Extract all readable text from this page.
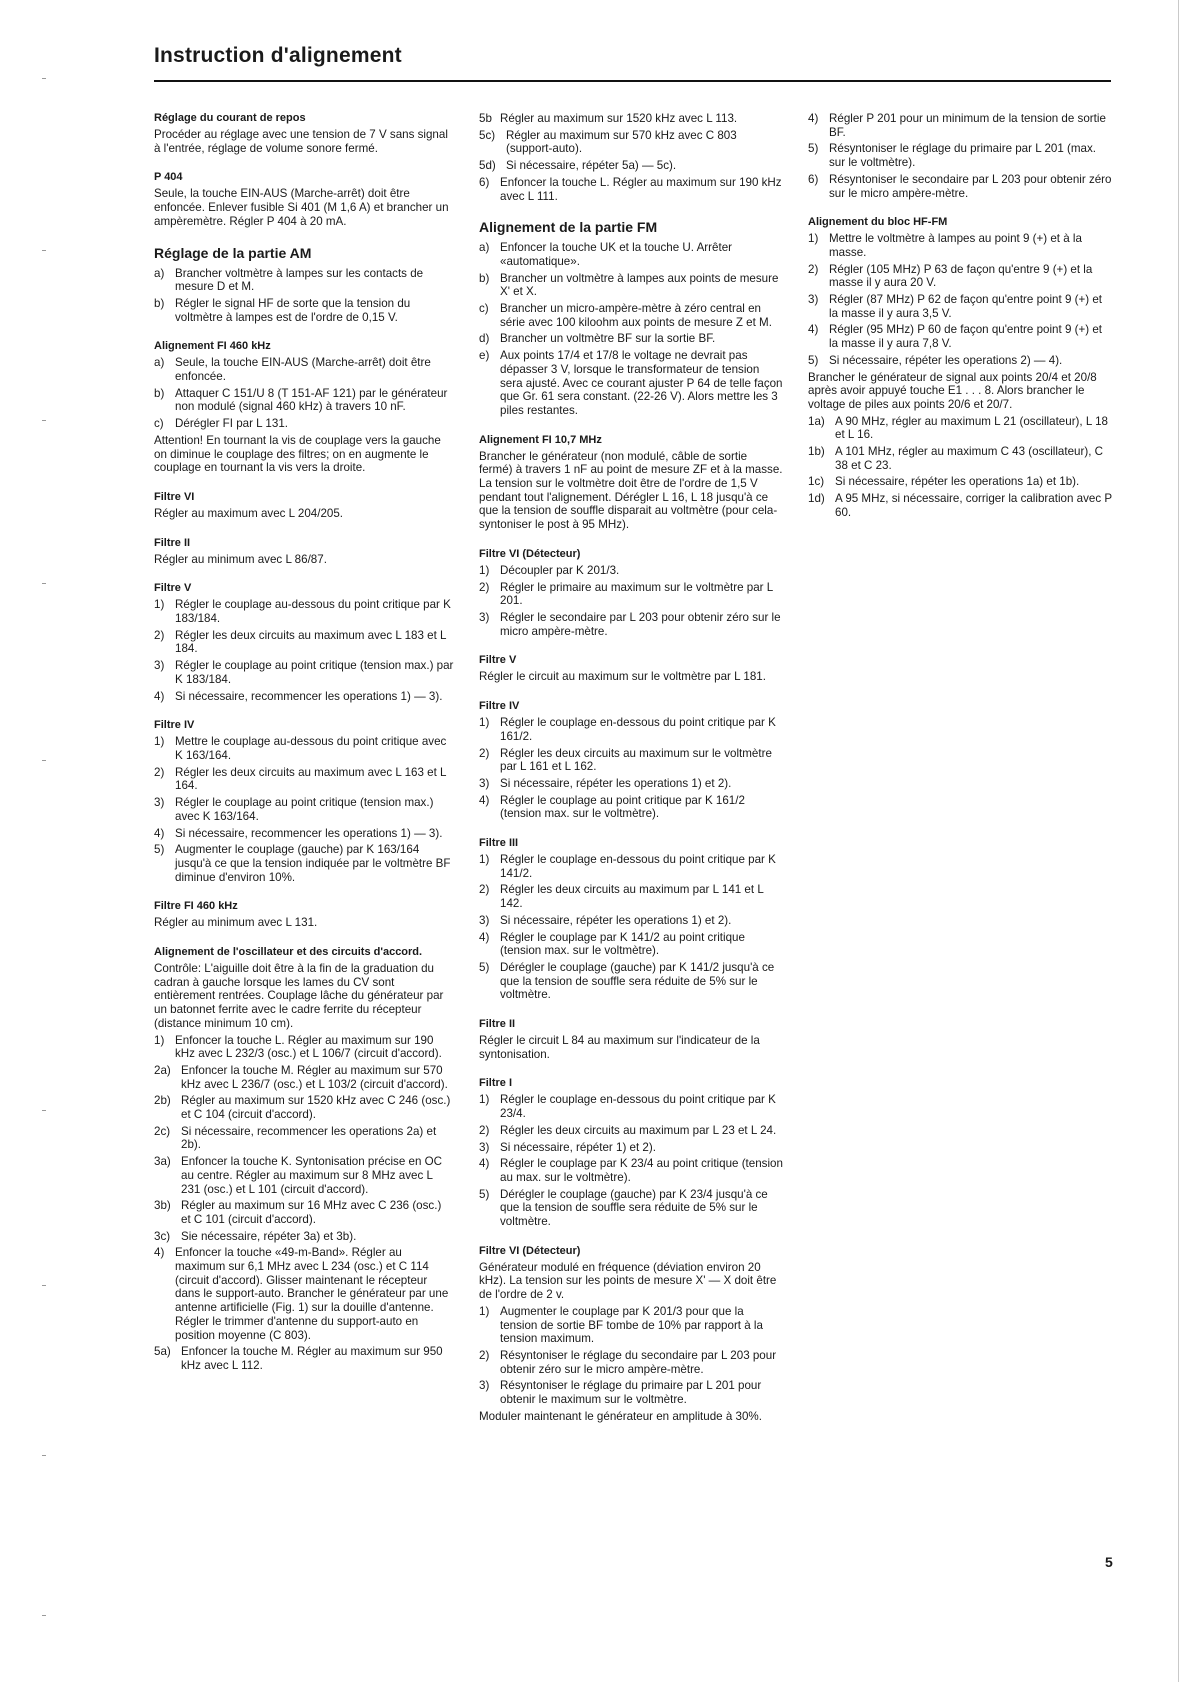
Instruction d'alignement
Réglage du courant de repos

Procéder au réglage avec une tension de 7 V sans signal à l'entrée, réglage de volume sonore fermé.

P 404

Seule, la touche EIN-AUS (Marche-arrêt) doit être enfoncée. Enlever fusible Si 401 (M 1,6 A) et brancher un ampèremètre. Régler P 404 à 20 mA.

Réglage de la partie AM
a) Brancher voltmètre à lampes sur les contacts de mesure D et M.
b) Régler le signal HF de sorte que la tension du voltmètre à lampes est de l'ordre de 0,15 V.
Alignement FI 460 kHz
a) Seule, la touche EIN-AUS (Marche-arrêt) doit être enfoncée.
b) Attaquer C 151/U 8 (T 151-AF 121) par le générateur non modulé (signal 460 kHz) à travers 10 nF.
c) Dérégler FI par L 131.

Attention! En tournant la vis de couplage vers la gauche on diminue le couplage des filtres; on en augmente le couplage en tournant la vis vers la droite.

Filtre VI

Régler au maximum avec L 204/205.

Filtre II

Régler au minimum avec L 86/87.

Filtre V
1) Régler le couplage au-dessous du point critique par K 183/184.
2) Régler les deux circuits au maximum avec L 183 et L 184.
3) Régler le couplage au point critique (tension max.) par K 183/184.
4) Si nécessaire, recommencer les operations 1) — 3).
Filtre IV
1) Mettre le couplage au-dessous du point critique avec K 163/164.
2) Régler les deux circuits au maximum avec L 163 et L 164.
3) Régler le couplage au point critique (tension max.) avec K 163/164.
4) Si nécessaire, recommencer les operations 1) — 3).
5) Augmenter le couplage (gauche) par K 163/164 jusqu'à ce que la tension indiquée par le voltmètre BF diminue d'environ 10%.
Filtre FI 460 kHz

Régler au minimum avec L 131.

Alignement de l'oscillateur et des circuits d'accord.

Contrôle: L'aiguille doit être à la fin de la graduation du cadran à gauche lorsque les lames du CV sont entièrement rentrées. Couplage lâche du générateur par un batonnet ferrite avec le cadre ferrite du récepteur (distance minimum 10 cm).

1) Enfoncer la touche L. Régler au maximum sur 190 kHz avec L 232/3 (osc.) et L 106/7 (circuit d'accord).
2a) Enfoncer la touche M. Régler au maximum sur 570 kHz avec L 236/7 (osc.) et L 103/2 (circuit d'accord).
2b) Régler au maximum sur 1520 kHz avec C 246 (osc.) et C 104 (circuit d'accord).
2c) Si nécessaire, recommencer les operations 2a) et 2b).
3a) Enfoncer la touche K. Syntonisation précise en OC au centre. Régler au maximum sur 8 MHz avec L 231 (osc.) et L 101 (circuit d'accord).
3b) Régler au maximum sur 16 MHz avec C 236 (osc.) et C 101 (circuit d'accord).
3c) Sie nécessaire, répéter 3a) et 3b).
4) Enfoncer la touche «49-m-Band». Régler au maximum sur 6,1 MHz avec L 234 (osc.) et C 114 (circuit d'accord). Glisser maintenant le récepteur dans le support-auto. Brancher le générateur par une antenne artificielle (Fig. 1) sur la douille d'antenne. Régler le trimmer d'antenne du support-auto en position moyenne (C 803).
5a) Enfoncer la touche M. Régler au maximum sur 950 kHz avec L 112.
5b Régler au maximum sur 1520 kHz avec L 113.
5c) Régler au maximum sur 570 kHz avec C 803 (support-auto).
5d) Si nécessaire, répéter 5a) — 5c).
6) Enfoncer la touche L. Régler au maximum sur 190 kHz avec L 111.
Alignement de la partie FM
a) Enfoncer la touche UK et la touche U. Arrêter «automatique».
b) Brancher un voltmètre à lampes aux points de mesure X' et X.
c) Brancher un micro-ampère-mètre à zéro central en série avec 100 kiloohm aux points de mesure Z et M.
d) Brancher un voltmètre BF sur la sortie BF.
e) Aux points 17/4 et 17/8 le voltage ne devrait pas dépasser 3 V, lorsque le transformateur de tension sera ajusté. Avec ce courant ajuster P 64 de telle façon que Gr. 61 sera constant. (22-26 V). Alors mettre les 3 piles restantes.
Alignement FI 10,7 MHz

Brancher le générateur (non modulé, câble de sortie fermé) à travers 1 nF au point de mesure ZF et à la masse. La tension sur le voltmètre doit être de l'ordre de 1,5 V pendant tout l'alignement. Dérégler L 16, L 18 jusqu'à ce que la tension de souffle disparait au voltmètre (pour cela-syntoniser le post à 95 MHz).

Filtre VI (Détecteur)
1) Découpler par K 201/3.
2) Régler le primaire au maximum sur le voltmètre par L 201.
3) Régler le secondaire par L 203 pour obtenir zéro sur le micro ampère-mètre.
Filtre V

Régler le circuit au maximum sur le voltmètre par L 181.

Filtre IV
1) Régler le couplage en-dessous du point critique par K 161/2.
2) Régler les deux circuits au maximum sur le voltmètre par L 161 et L 162.
3) Si nécessaire, répéter les operations 1) et 2).
4) Régler le couplage au point critique par K 161/2 (tension max. sur le voltmètre).
Filtre III
1) Régler le couplage en-dessous du point critique par K 141/2.
2) Régler les deux circuits au maximum par L 141 et L 142.
3) Si nécessaire, répéter les operations 1) et 2).
4) Régler le couplage par K 141/2 au point critique (tension max. sur le voltmètre).
5) Dérégler le couplage (gauche) par K 141/2 jusqu'à ce que la tension de souffle sera réduite de 5% sur le voltmètre.
Filtre II

Régler le circuit L 84 au maximum sur l'indicateur de la syntonisation.

Filtre I
1) Régler le couplage en-dessous du point critique par K 23/4.
2) Régler les deux circuits au maximum par L 23 et L 24.
3) Si nécessaire, répéter 1) et 2).
4) Régler le couplage par K 23/4 au point critique (tension au max. sur le voltmètre).
5) Dérégler le couplage (gauche) par K 23/4 jusqu'à ce que la tension de souffle sera réduite de 5% sur le voltmètre.
Filtre VI (Détecteur)

Générateur modulé en fréquence (déviation environ 20 kHz). La tension sur les points de mesure X' — X doit être de l'ordre de 2 v.

1) Augmenter le couplage par K 201/3 pour que la tension de sortie BF tombe de 10% par rapport à la tension maximum.
2) Résyntoniser le réglage du secondaire par L 203 pour obtenir zéro sur le micro ampère-mètre.
3) Résyntoniser le réglage du primaire par L 201 pour obtenir le maximum sur le voltmètre.

Moduler maintenant le générateur en amplitude à 30%.

4) Régler P 201 pour un minimum de la tension de sortie BF.
5) Résyntoniser le réglage du primaire par L 201 (max. sur le voltmètre).
6) Résyntoniser le secondaire par L 203 pour obtenir zéro sur le micro ampère-mètre.
Alignement du bloc HF-FM
1) Mettre le voltmètre à lampes au point 9 (+) et à la masse.
2) Régler (105 MHz) P 63 de façon qu'entre 9 (+) et la masse il y aura 20 V.
3) Régler (87 MHz) P 62 de façon qu'entre point 9 (+) et la masse il y aura 3,5 V.
4) Régler (95 MHz) P 60 de façon qu'entre point 9 (+) et la masse il y aura 7,8 V.
5) Si nécessaire, répéter les operations 2) — 4).

Brancher le générateur de signal aux points 20/4 et 20/8 après avoir appuyé touche E1 . . . 8. Alors brancher le voltage de piles aux points 20/6 et 20/7.

1a) A 90 MHz, régler au maximum L 21 (oscillateur), L 18 et L 16.
1b) A 101 MHz, régler au maximum C 43 (oscillateur), C 38 et C 23.
1c) Si nécessaire, répéter les operations 1a) et 1b).
1d) A 95 MHz, si nécessaire, corriger la calibration avec P 60.
5
